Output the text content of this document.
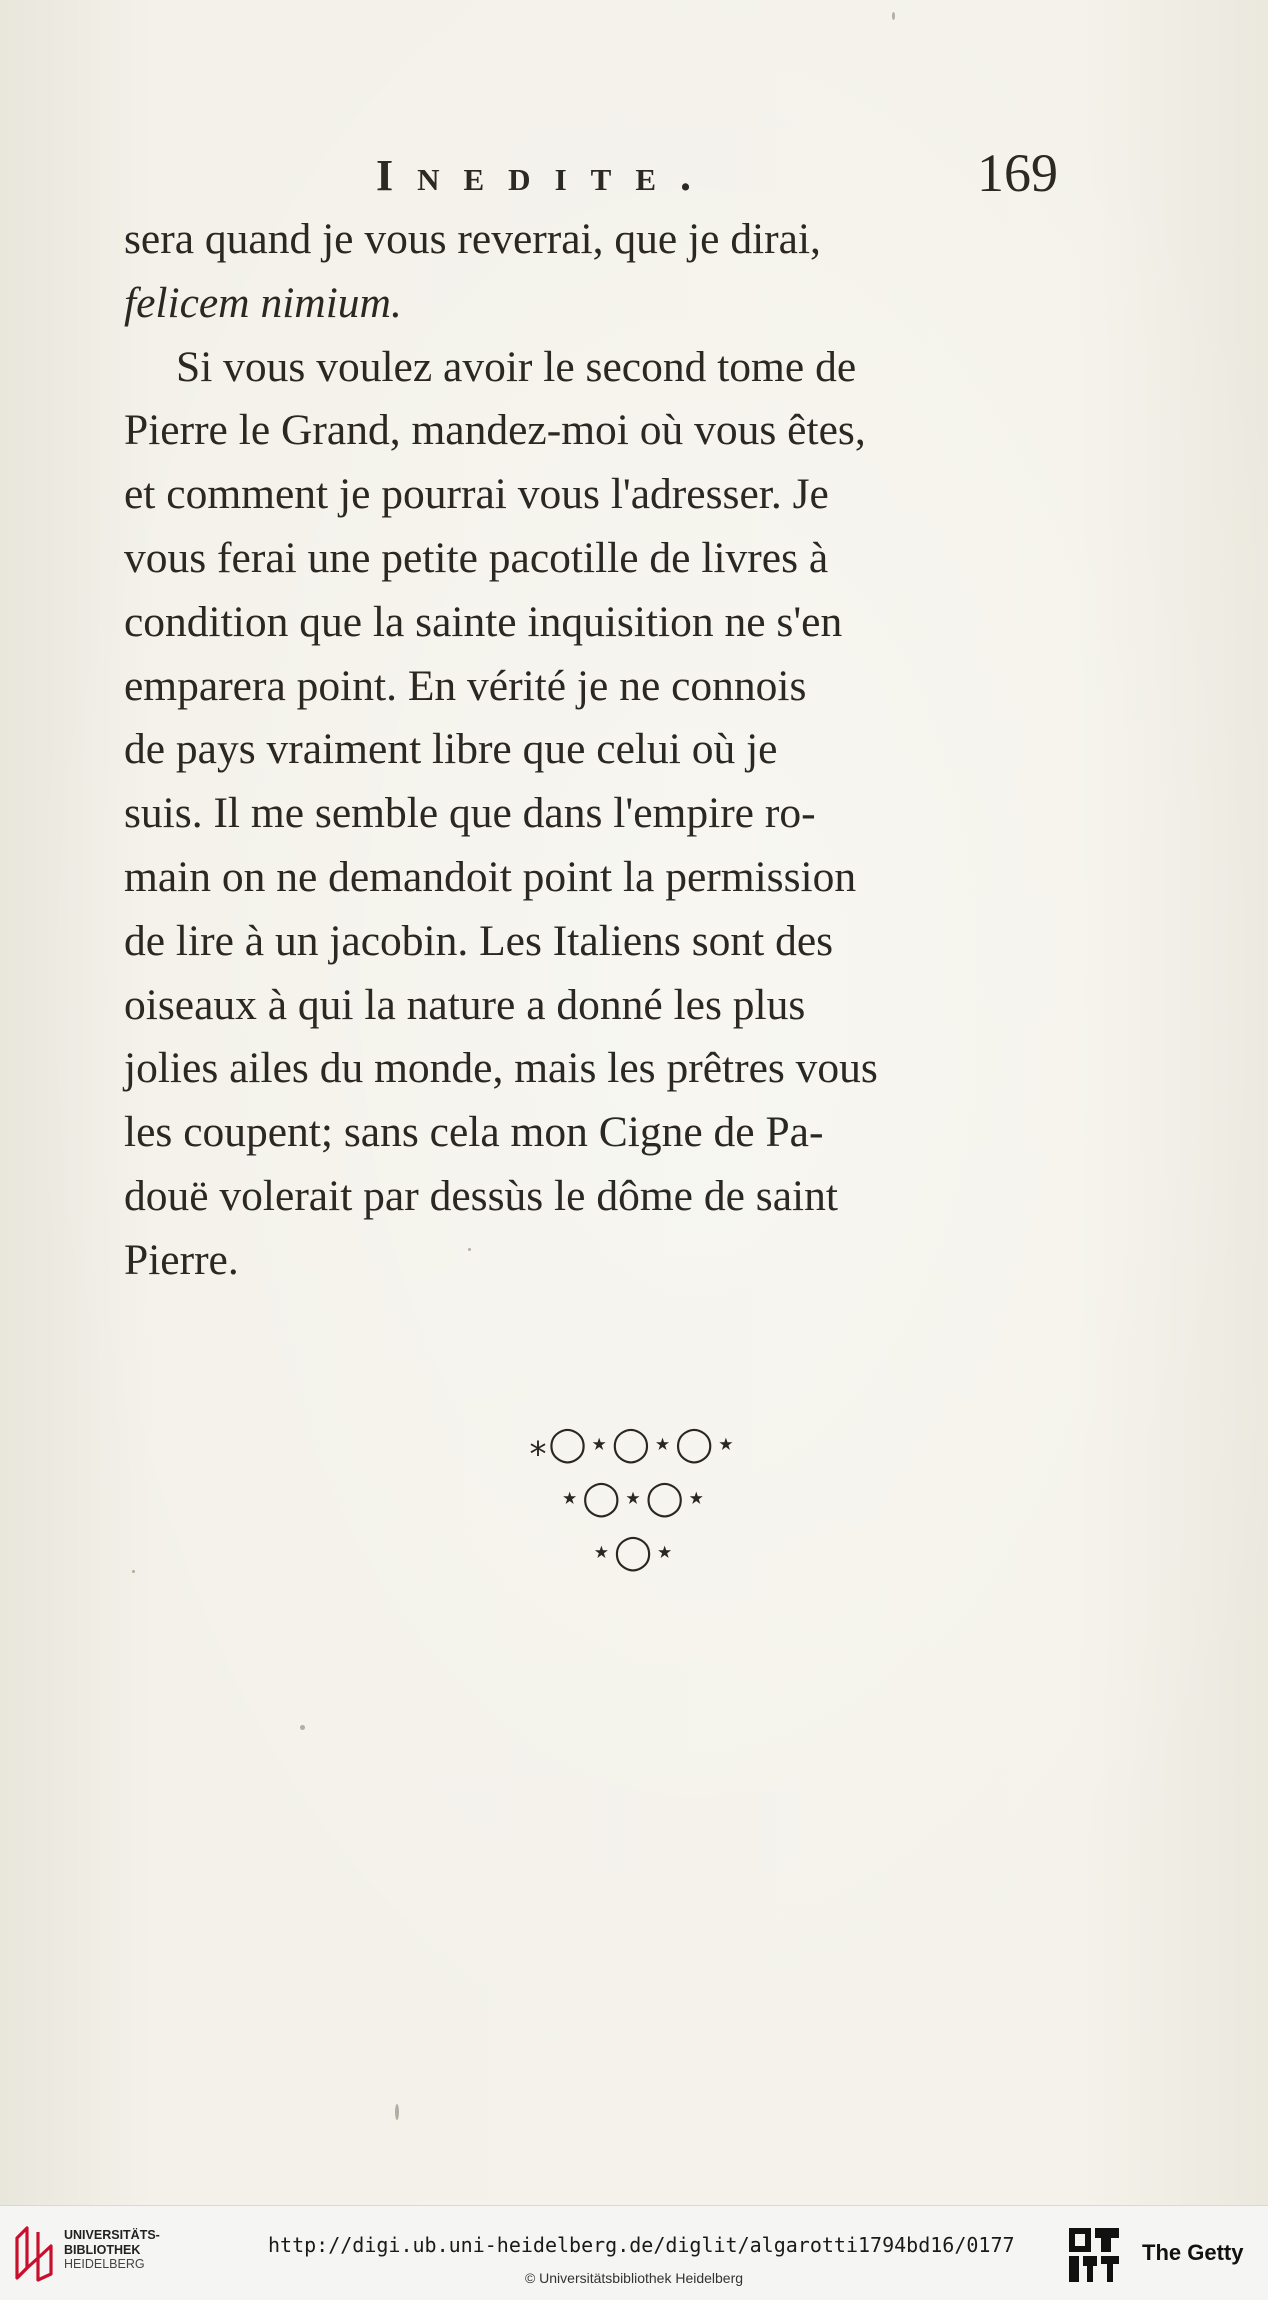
Inedite.	169

sera quand je vous reverrai, que je dirai,

felicem nimium.

Si vous voulez avoir le second tome de

Pierre le Grand, mandez-moi où vous êtes,

et comment je pourrai vous l'adresser. Je

vous ferai une petite pacotille de livres à

condition que la sainte inquisition ne s'en

emparera point. En vérité je ne connois

de pays vraiment libre que celui où je

suis. Il me semble que dans l'empire ro-

main on ne demandoit point la permission

de lire à un jacobin. Les Italiens sont des

oiseaux à qui la nature a donné les plus

jolies ailes du monde, mais les prêtres vous

les coupent; sans cela mon Cigne de Pa-

douë volerait par dessùs le dôme de saint

Pierre.

⁎◯⋆◯⋆◯⋆
⋆◯⋆◯⋆
⋆◯⋆
UNIVERSITÄTS-
BIBLIOTHEK
HEIDELBERG
http://digi.ub.uni-heidelberg.de/diglit/algarotti1794bd16/0177
© Universitätsbibliothek Heidelberg
The Getty
